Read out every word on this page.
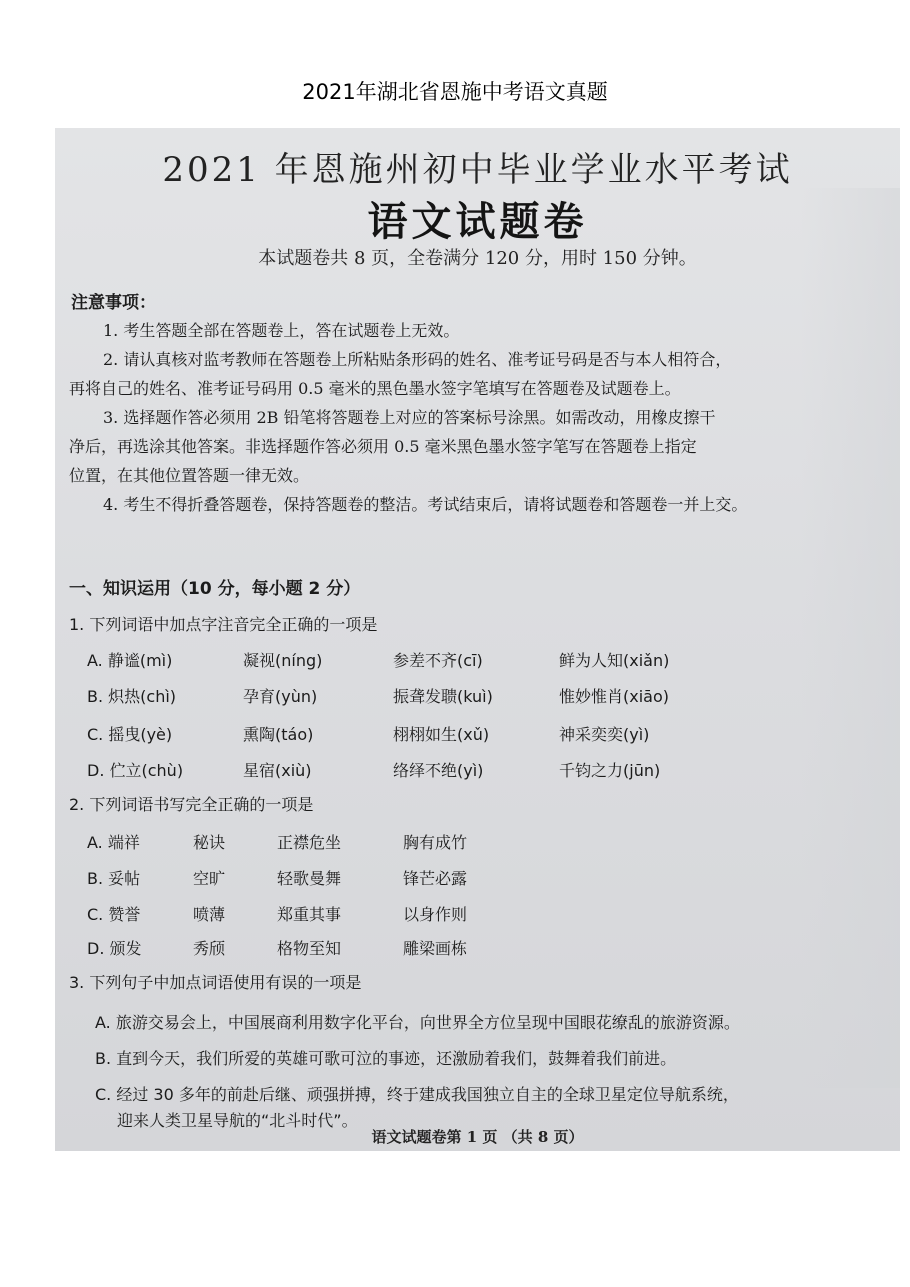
2021年湖北省恩施中考语文真题
2021 年恩施州初中毕业学业水平考试
语文试题卷
本试题卷共 8 页，全卷满分 120 分，用时 150 分钟。
注意事项：

1. 考生答题全部在答题卷上，答在试题卷上无效。

2. 请认真核对监考教师在答题卷上所粘贴条形码的姓名、准考证号码是否与本人相符合，

再将自己的姓名、准考证号码用 0.5 毫米的黑色墨水签字笔填写在答题卷及试题卷上。

3. 选择题作答必须用 2B 铅笔将答题卷上对应的答案标号涂黑。如需改动，用橡皮擦干

净后，再选涂其他答案。非选择题作答必须用 0.5 毫米黑色墨水签字笔写在答题卷上指定

位置，在其他位置答题一律无效。

4. 考生不得折叠答题卷，保持答题卷的整洁。考试结束后，请将试题卷和答题卷一并上交。

一、知识运用（10 分，每小题 2 分）
1. 下列词语中加点字注音完全正确的一项是
A. 静谧(mì)	凝视(níng)	参差不齐(cī)	鲜为人知(xiǎn)
B. 炽热(chì)	孕育(yùn)	振聋发聩(kuì)	惟妙惟肖(xiāo)
C. 摇曳(yè)	熏陶(táo)	栩栩如生(xǔ)	神采奕奕(yì)
D. 伫立(chù)	星宿(xiù)	络绎不绝(yì)	千钧之力(jūn)
2. 下列词语书写完全正确的一项是
A. 端祥	秘诀	正襟危坐	胸有成竹
B. 妥帖	空旷	轻歌曼舞	锋芒必露
C. 赞誉	喷薄	郑重其事	以身作则
D. 颁发	秀颀	格物至知	雕梁画栋
3. 下列句子中加点词语使用有误的一项是
A. 旅游交易会上，中国展商利用数字化平台，向世界全方位呈现中国眼花缭乱的旅游资源。
B. 直到今天，我们所爱的英雄可歌可泣的事迹，还激励着我们，鼓舞着我们前进。
C. 经过 30 多年的前赴后继、顽强拼搏，终于建成我国独立自主的全球卫星定位导航系统，
迎来人类卫星导航的“北斗时代”。
语文试题卷第 1 页 （共 8 页）
